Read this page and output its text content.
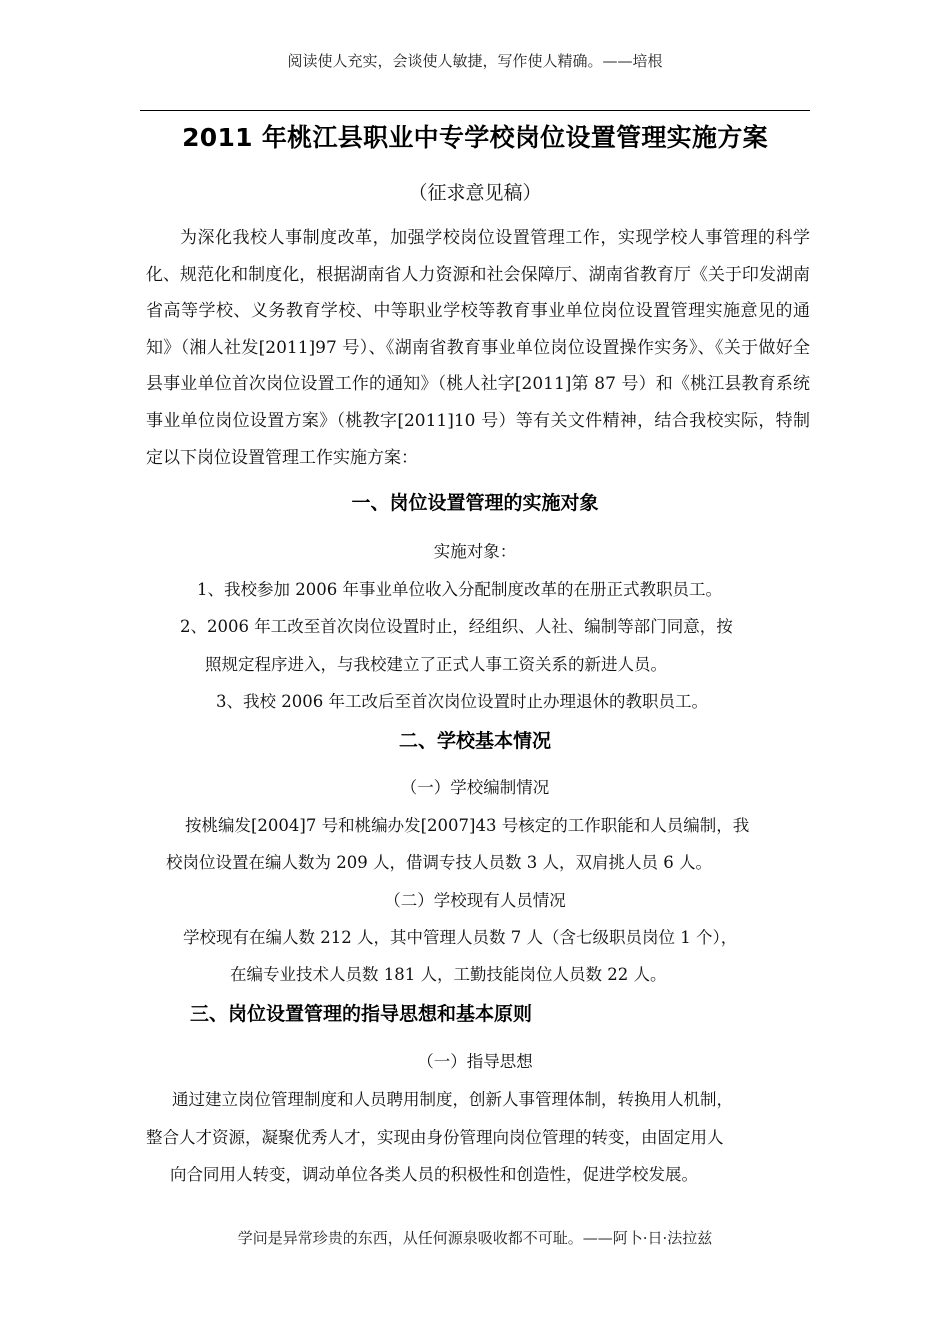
阅读使人充实，会谈使人敏捷，写作使人精确。——培根
2011 年桃江县职业中专学校岗位设置管理实施方案
（征求意见稿）
为深化我校人事制度改革，加强学校岗位设置管理工作，实现学校人事管理的科学化、规范化和制度化，根据湖南省人力资源和社会保障厅、湖南省教育厅《关于印发湖南省高等学校、义务教育学校、中等职业学校等教育事业单位岗位设置管理实施意见的通知》（湘人社发[2011]97 号）、《湖南省教育事业单位岗位设置操作实务》、《关于做好全县事业单位首次岗位设置工作的通知》（桃人社字[2011]第 87 号）和《桃江县教育系统事业单位岗位设置方案》（桃教字[2011]10 号）等有关文件精神，结合我校实际，特制定以下岗位设置管理工作实施方案：
一、岗位设置管理的实施对象
实施对象：
1、我校参加 2006 年事业单位收入分配制度改革的在册正式教职员工。
2、2006 年工改至首次岗位设置时止，经组织、人社、编制等部门同意，按
照规定程序进入，与我校建立了正式人事工资关系的新进人员。
3、我校 2006 年工改后至首次岗位设置时止办理退休的教职员工。
二、学校基本情况
（一）学校编制情况
按桃编发[2004]7 号和桃编办发[2007]43 号核定的工作职能和人员编制，我
校岗位设置在编人数为 209 人，借调专技人员数 3 人，双肩挑人员 6 人。
（二）学校现有人员情况
学校现有在编人数 212 人，其中管理人员数 7 人（含七级职员岗位 1 个），
在编专业技术人员数 181 人，工勤技能岗位人员数 22 人。
三、岗位设置管理的指导思想和基本原则
（一）指导思想
通过建立岗位管理制度和人员聘用制度，创新人事管理体制，转换用人机制，
整合人才资源，凝聚优秀人才，实现由身份管理向岗位管理的转变，由固定用人
向合同用人转变，调动单位各类人员的积极性和创造性，促进学校发展。
学问是异常珍贵的东西，从任何源泉吸收都不可耻。——阿卜·日·法拉兹
